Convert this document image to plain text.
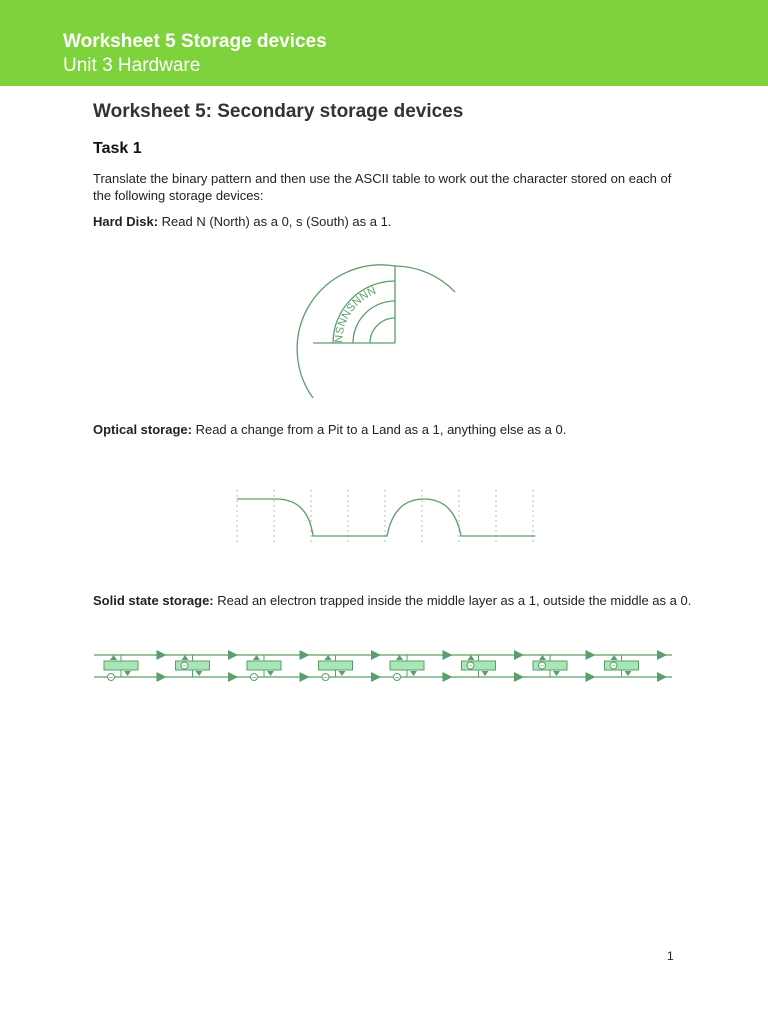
Worksheet 5 Storage devices
Unit 3 Hardware
Worksheet 5: Secondary storage devices
Task 1
Translate the binary pattern and then use the ASCII table to work out the character stored on each of the following storage devices:
Hard Disk: Read N (North) as a 0, s (South) as a 1.
NSNNSNNN
Optical storage: Read a change from a Pit to a Land as a 1, anything else as a 0.
Solid state storage: Read an electron trapped inside the middle layer as a 1, outside the middle as a 0.
−
−
−	−	−
−	−	−
1
